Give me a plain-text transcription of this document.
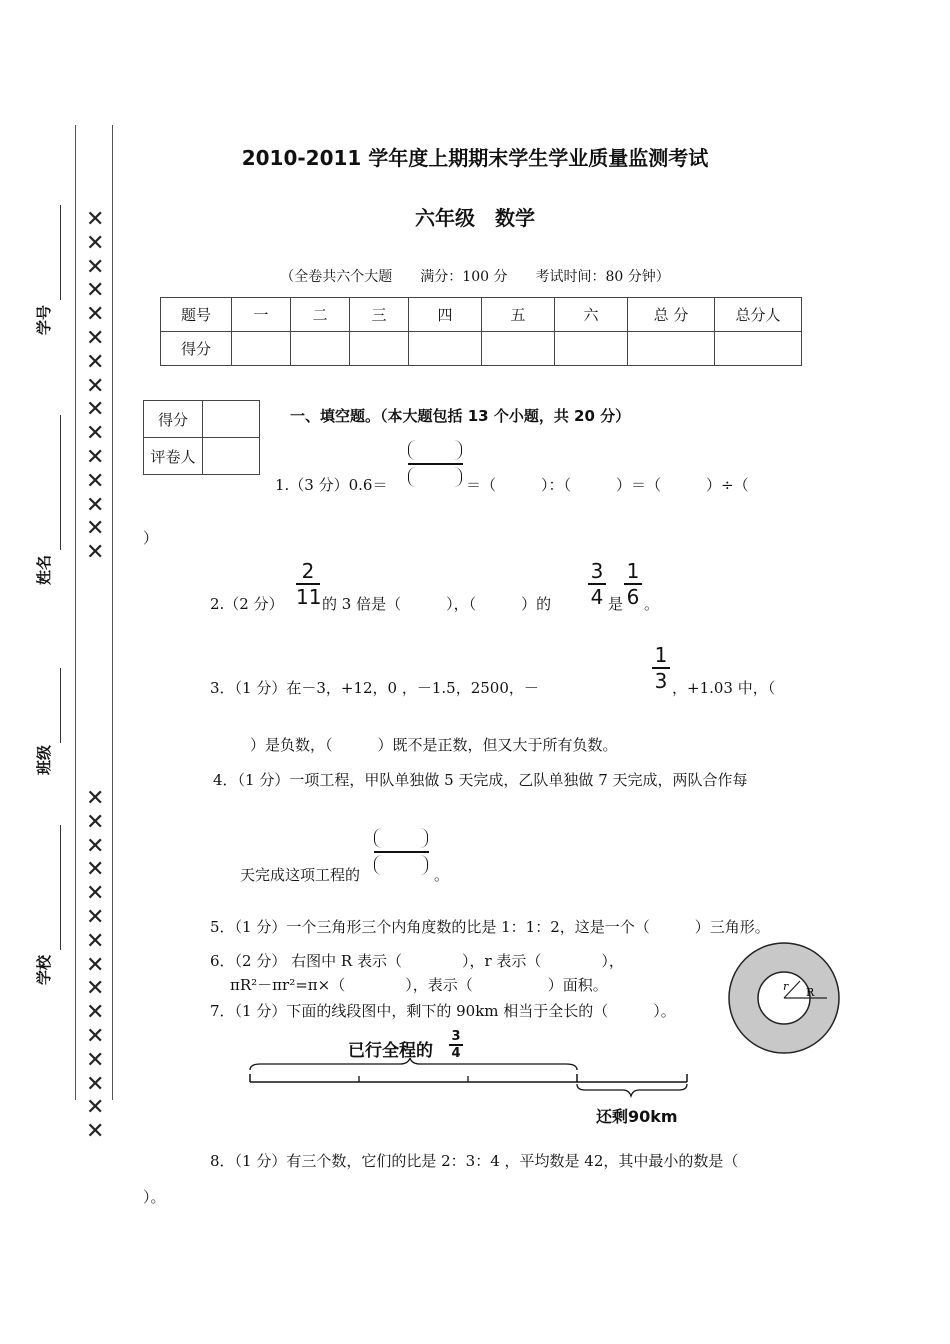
学号
姓名
班级
学校
✕
✕
✕
✕
✕
✕
✕
✕
✕
✕
✕
✕
✕
✕
✕
✕
✕
✕
✕
✕
✕
✕
✕
✕
✕
✕
✕
✕
✕
✕
2010-2011 学年度上期期末学生学业质量监测考试
六年级　数学
（全卷共六个大题　　满分：100 分　　考试时间：80 分钟）
题号	一	二	三	四	五	六	总 分	总分人
得分								
得分	
评卷人	
一、填空题。（本大题包括 13 个小题，共 20 分）
1.（3 分）0.6＝	＝（　　　）：（　　　）＝（　　　）÷（
）
2.（2 分）
2
11 的 3 倍是（　　　），（　　　）的
3
4 是
1
6 。
3．（1 分）在－3，+12，0 ，－1.5，2500，－
1
3 ，+1.03 中，（
）是负数，（　　　）既不是正数，但又大于所有负数。
4．（1 分）一项工程，甲队单独做 5 天完成，乙队单独做 7 天完成，两队合作每
天完成这项工程的	。
5．（1 分）一个三角形三个内角度数的比是 1：1：2，这是一个（　　　）三角形。
6．（2 分） 右图中 R 表示（　　　　），r 表示（　　　　），
πR²－πr²=π×（　　　　），表示（　　　　　）面积。
7．（1 分）下面的线段图中，剩下的 90km 相当于全长的（　　　）。
r R
已行全程的
3
4
还剩90km
8．（1 分）有三个数，它们的比是 2：3：4 ，平均数是 42，其中最小的数是（
）。
